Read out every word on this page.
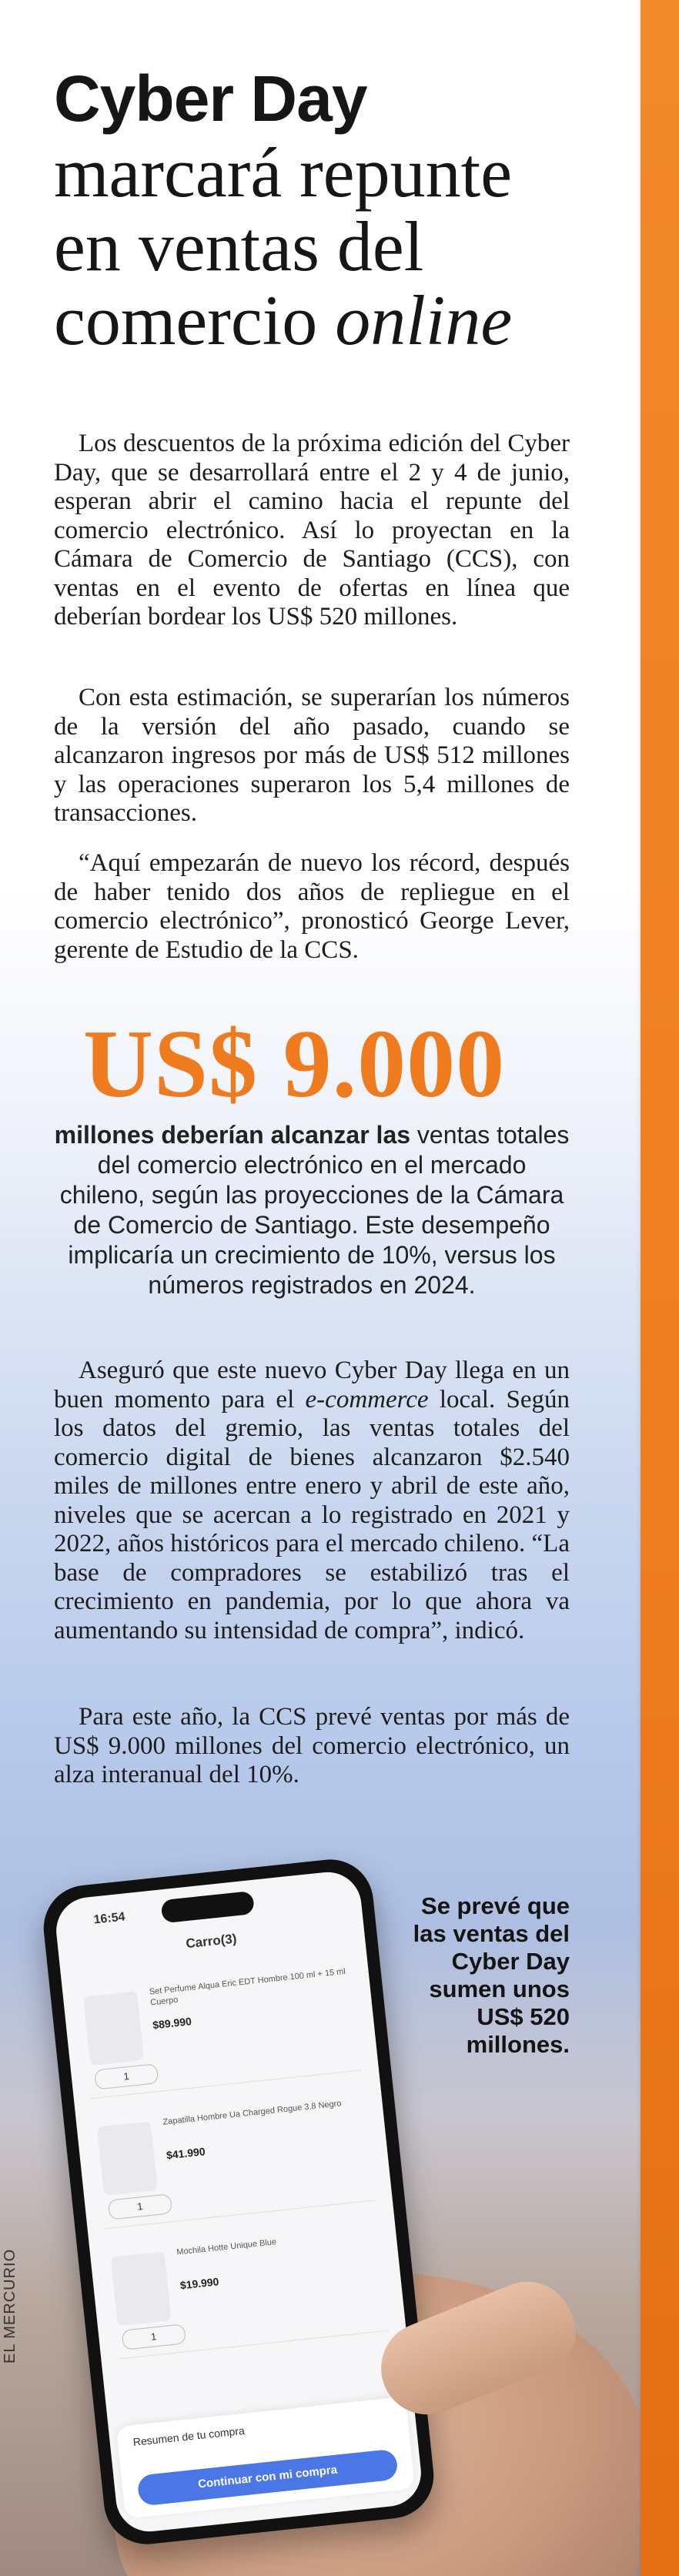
Cyber Day
marcará repunte
en ventas del
comercio online

Los descuentos de la próxima edición del Cyber Day, que se desarrollará entre el 2 y 4 de junio, esperan abrir el camino hacia el repunte del comercio electrónico. Así lo proyectan en la Cámara de Comercio de Santiago (CCS), con ventas en el evento de ofertas en línea que deberían bordear los US$ 520 millones.

Con esta estimación, se superarían los números de la versión del año pasado, cuando se alcanzaron ingresos por más de US$ 512 millones y las operaciones superaron los 5,4 millones de transacciones.

“Aquí empezarán de nuevo los récord, después de haber tenido dos años de repliegue en el comercio electrónico”, pronosticó George Lever, gerente de Estudio de la CCS.

US$ 9.000
millones deberían alcanzar las ventas totales del comercio electrónico en el mercado chileno, según las proyecciones de la Cámara de Comercio de Santiago. Este desempeño implicaría un crecimiento de 10%, versus los números registrados en 2024.

Aseguró que este nuevo Cyber Day llega en un buen momento para el e-commerce local. Según los datos del gremio, las ventas totales del comercio digital de bienes alcanzaron $2.540 miles de millones entre enero y abril de este año, niveles que se acercan a lo registrado en 2021 y 2022, años históricos para el mercado chileno. “La base de compradores se estabilizó tras el crecimiento en pandemia, por lo que ahora va aumentando su intensidad de compra”, indicó.

Para este año, la CCS prevé ventas por más de US$ 9.000 millones del comercio electrónico, un alza interanual del 10%.

16:54
Carro(3)
Set Perfume Alqua Eric EDT Hombre 100 ml + 15 ml Cuerpo
$89.990
1
Zapatilla Hombre Ua Charged Rogue 3.8 Negro
$41.990
1
Mochila Hotte Unique Blue
$19.990
1
Resumen de tu compra
Continuar con mi compra
Se prevé que las ventas del Cyber Day sumen unos US$ 520 millones.
EL MERCURIO
